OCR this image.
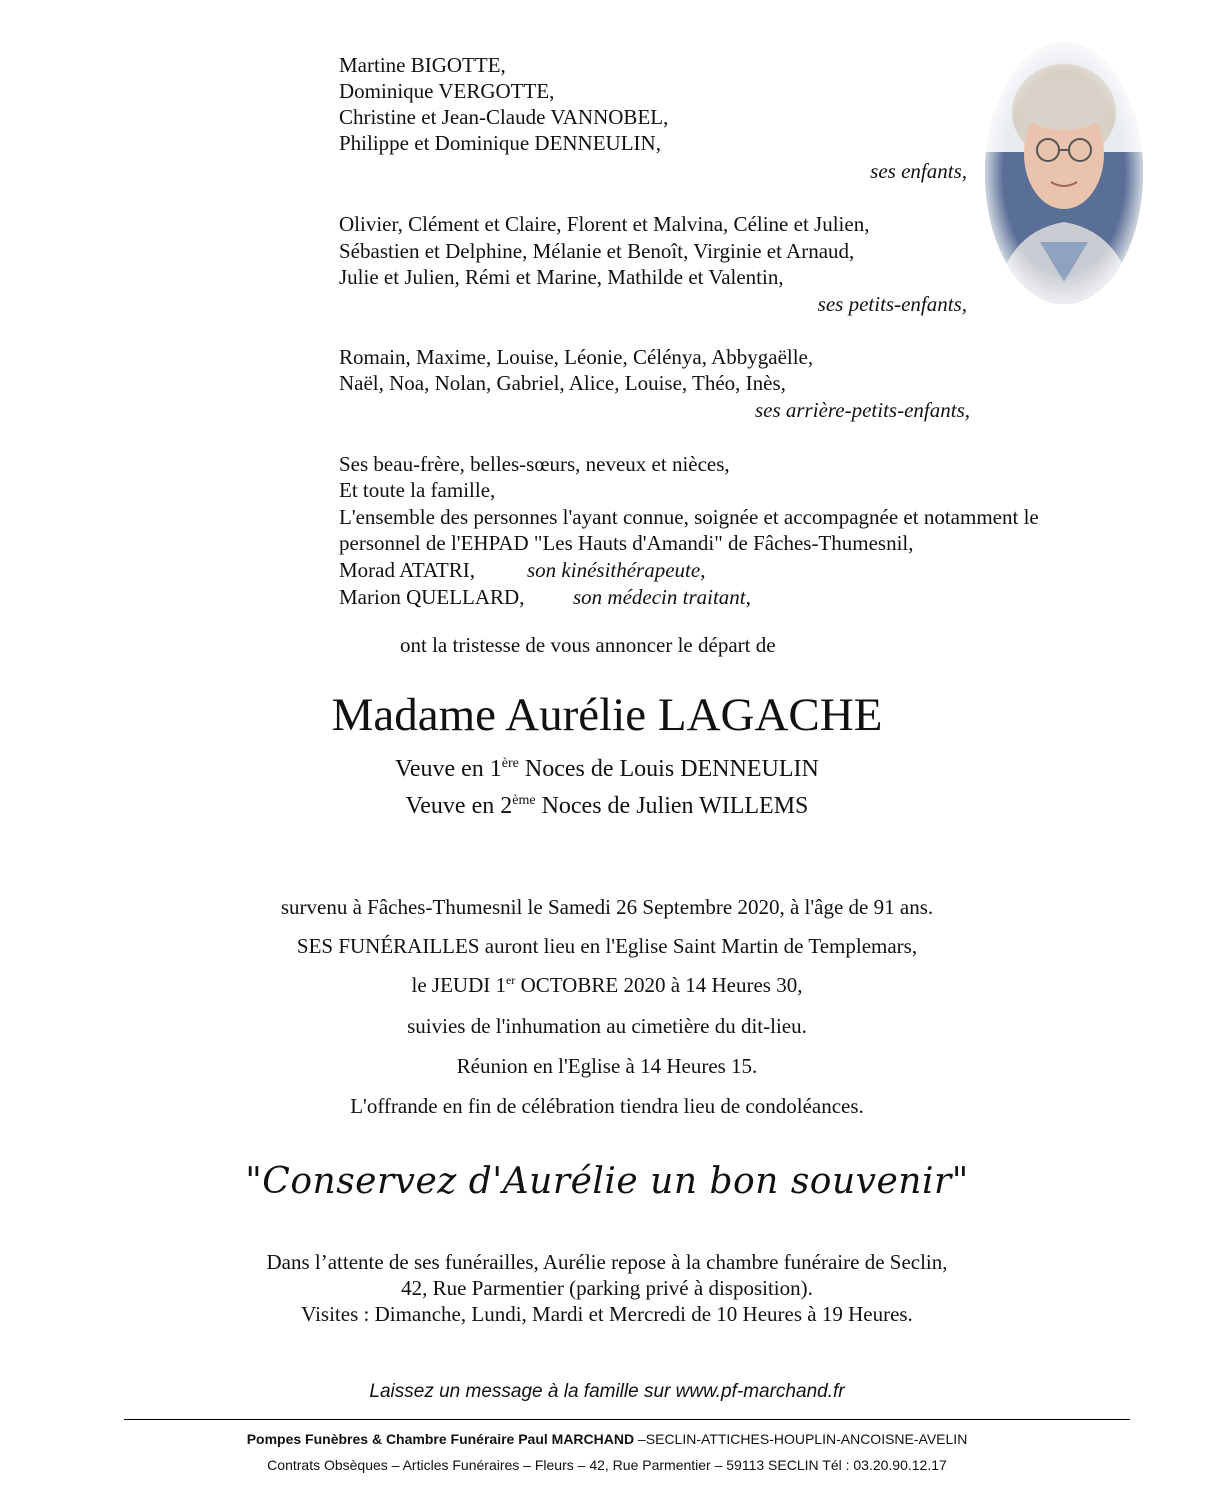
Martine BIGOTTE,
Dominique VERGOTTE,
Christine et Jean-Claude VANNOBEL,
Philippe et Dominique DENNEULIN,
ses enfants,
Olivier, Clément et Claire, Florent et Malvina, Céline et Julien,
Sébastien et Delphine, Mélanie et Benoît, Virginie et Arnaud,
Julie et Julien, Rémi et Marine, Mathilde et Valentin,
ses petits-enfants,
Romain, Maxime, Louise, Léonie, Célénya, Abbygaëlle,
Naël, Noa, Nolan, Gabriel, Alice, Louise, Théo, Inès,
ses arrière-petits-enfants,
Ses beau-frère, belles-sœurs, neveux et nièces,
Et toute la famille,
L'ensemble des personnes l'ayant connue, soignée et accompagnée et notamment le
personnel de l'EHPAD "Les Hauts d'Amandi" de Fâches-Thumesnil,
Morad ATATRI, son kinésithérapeute,
Marion QUELLARD, son médecin traitant,
ont la tristesse de vous annoncer le départ de
Madame Aurélie LAGACHE
Veuve en 1ère Noces de Louis DENNEULIN
Veuve en 2ème Noces de Julien WILLEMS
survenu à Fâches-Thumesnil le Samedi 26 Septembre 2020, à l'âge de 91 ans.
SES FUNÉRAILLES auront lieu en l'Eglise Saint Martin de Templemars,
le JEUDI 1er OCTOBRE 2020 à 14 Heures 30,
suivies de l'inhumation au cimetière du dit-lieu.
Réunion en l'Eglise à 14 Heures 15.
L'offrande en fin de célébration tiendra lieu de condoléances.
"Conservez d'Aurélie un bon souvenir"
Dans l’attente de ses funérailles, Aurélie repose à la chambre funéraire de Seclin,
42, Rue Parmentier (parking privé à disposition).
Visites : Dimanche, Lundi, Mardi et Mercredi de 10 Heures à 19 Heures.
Laissez un message à la famille sur www.pf-marchand.fr
Pompes Funèbres & Chambre Funéraire Paul MARCHAND –SECLIN-ATTICHES-HOUPLIN-ANCOISNE-AVELIN
Contrats Obsèques – Articles Funéraires – Fleurs – 42, Rue Parmentier – 59113 SECLIN Tél : 03.20.90.12.17
